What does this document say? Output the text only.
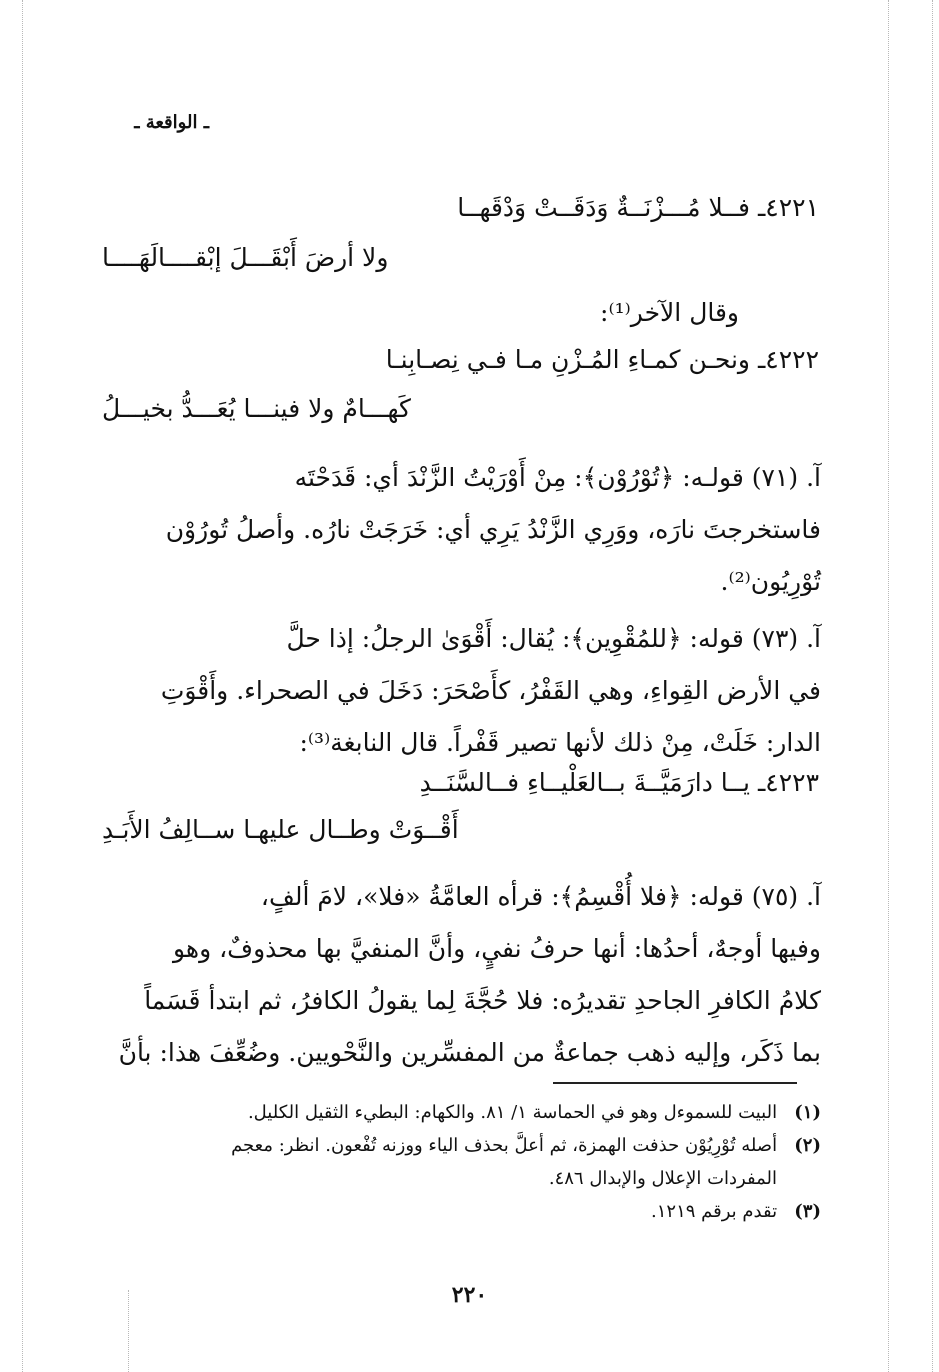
ـ الواقعة ـ
٤٢٢١ـ فــلا مُـــزْنَــةٌ وَدَقَــتْ وَدْقَهــا
ولا أرضَ أَبْقَـــلَ إبْقــــالَهَــــا
وقال الآخر⁽¹⁾:
٤٢٢٢ـ ونحـن كمـاءِ المُـزْنِ مـا فـي نِصـابِنـا
كَهـــامٌ ولا فينـــا يُعَـــدُّ بخيـــلُ

آ. (٧١) قولـه: ﴿تُوْرُوْن﴾: مِنْ أَوْرَيْتُ الزَّنْدَ أي: قَدَحْتَه

فاستخرجتَ نارَه، ووَرِي الزَّنْدُ يَرِي أي: خَرَجَتْ نارُه. وأصلُ تُورُوْن

تُوْرِيُون⁽²⁾.

آ. (٧٣) قوله: ﴿للمُقْوِين﴾: يُقال: أَقْوَىٰ الرجلُ: إذا حلَّ

في الأرض القِواءِ، وهي القَفْرُ، كأَصْحَرَ: دَخَلَ في الصحراء. وأَقْوَتِ

الدار: خَلَتْ، مِنْ ذلك لأنها تصير قَفْراً. قال النابغة⁽³⁾:

٤٢٢٣ـ يــا دارَمَيَّــةَ بــالعَلْيــاءِ فــالسَّنَــدِ
أَقْــوَتْ وطــال عليهـا ســالِفُ الأَبَـدِ

آ. (٧٥) قوله: ﴿فلا أُقْسِمُ﴾: قرأه العامَّةُ «فلا»، لامَ ألفٍ،

وفيها أوجهٌ، أحدُها: أنها حرفُ نفيٍ، وأنَّ المنفيَّ بها محذوفٌ، وهو

كلامُ الكافرِ الجاحدِ تقديرُه: فلا حُجَّةَ لِما يقولُ الكافرُ، ثم ابتدأ قَسَماً

بما ذَكَر، وإليه ذهب جماعةٌ من المفسِّرين والنَّحْويين. وضُعِّفَ هذا: بأنَّ

(١)   البيت للسموءل وهو في الحماسة ١/ ٨١. والكهام: البطيء الثقيل الكليل.

(٢)   أصله تُوْرِيُوْن حذفت الهمزة، ثم أعلَّ بحذف الياء ووزنه تُفْعون. انظر: معجم

المفردات الإعلال والإبدال ٤٨٦.

(٣)   تقدم برقم ١٢١٩.

٢٢٠
